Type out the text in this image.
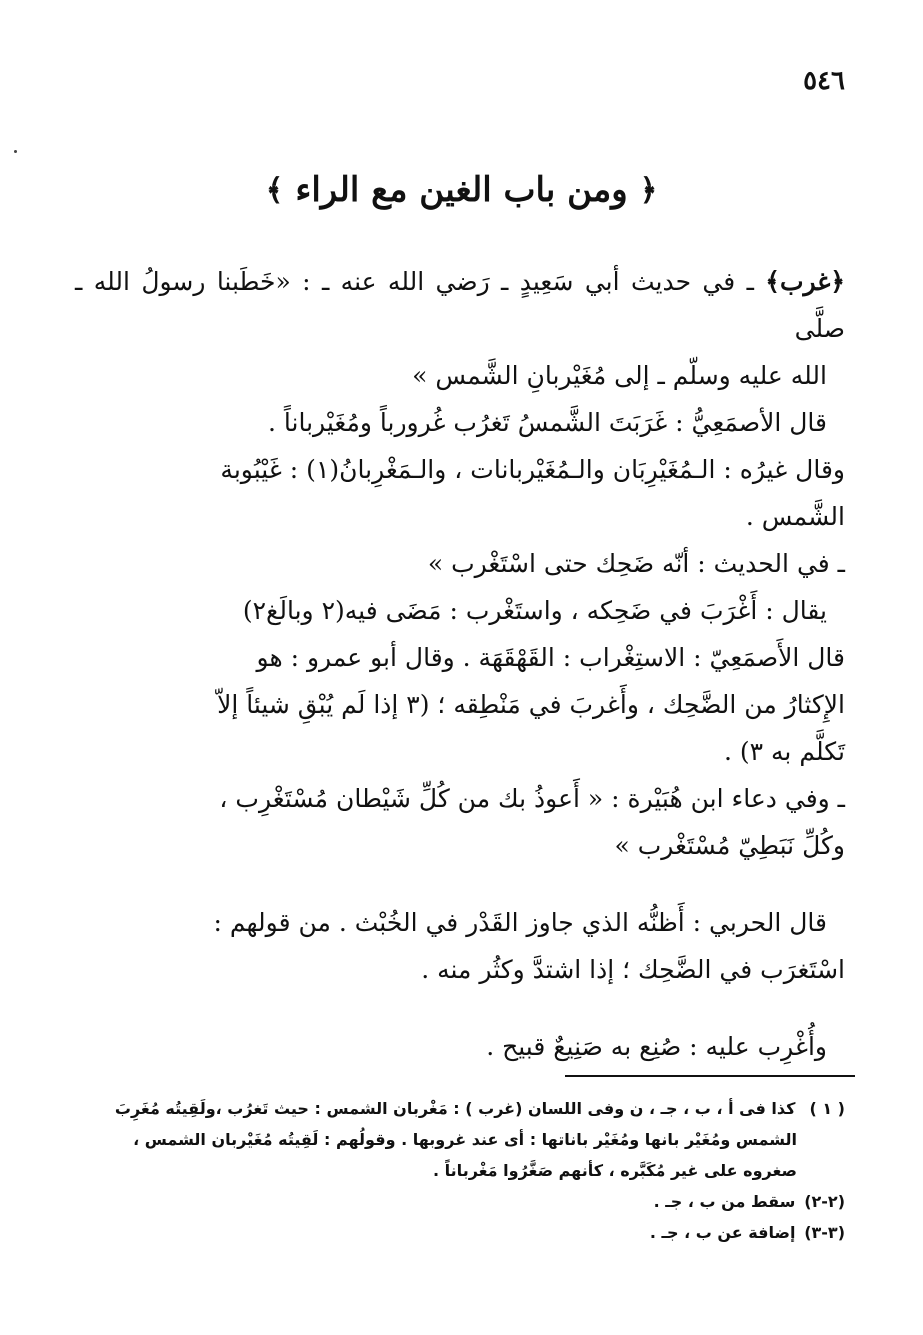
٥٤٦
﴿
ومن باب الغين مع الراء
﴾

﴿غرب﴾ ـ في حديث أبي سَعِيدٍ ـ رَضي الله عنه ـ : «خَطَبنا رسولُ الله ـ صلَّى

الله عليه وسلّم ـ إلى مُغَيْربانِ الشَّمس »

قال الأصمَعِيُّ : غَرَبَتَ الشَّمسُ تَغرُب غُرورباً ومُغَيْرباناً .

وقال غيرُه : الـمُغَيْرِبَان والـمُغَيْربانات ، والـمَغْرِبانُ(١) : غَيْبُوبة

الشَّمس .

ـ في الحديث : أنّه ضَحِك حتى اسْتَغْرب »

يقال : أَغْرَبَ في ضَحِكه ، واستَغْرب : مَضَى فيه(٢ وبالَغ٢)

قال الأَصمَعِيّ : الاستِغْراب : القَهْقَهَة . وقال أبو عمرو : هو

الإِكثارُ من الضَّحِك ، وأَغربَ في مَنْطِقه ؛ (٣ إذا لَم يُبْقِ شيئاً إلاّ

تَكلَّم به ٣) .

ـ وفي دعاء ابن هُبَيْرة : « أَعوذُ بك من كُلِّ شَيْطان مُسْتَغْرِب ،

وكُلِّ نَبَطِيّ مُسْتَغْرب »

قال الحربي : أَظنُّه الذي جاوز القَدْر في الخُبْث . من قولهم :

اسْتَغرَب في الضَّحِك ؛ إذا اشتدَّ وكثُر منه .

وأُغْرِب عليه : صُنِع به صَنِيعٌ قبيح .

( ١ ) كذا فى أ ، ب ، جـ ، ن وفى اللسان (غرب ) : مَغْربان الشمس : حيث تَغرُب ،ولَقِيتُه مُغَرِبَ

الشمس ومُغَيْر بانها ومُغَيْر باناتها : أى عند غروبها . وقولُهم : لَقِيتُه مُغَيْربان الشمس ،

صغروه على غير مُكَبَّره ، كأنهم صَغَّرُوا مَغْرباناً .

(٢-٢) سقط من ب ، جـ .

(٣-٣) إضافة عن ب ، جـ .
